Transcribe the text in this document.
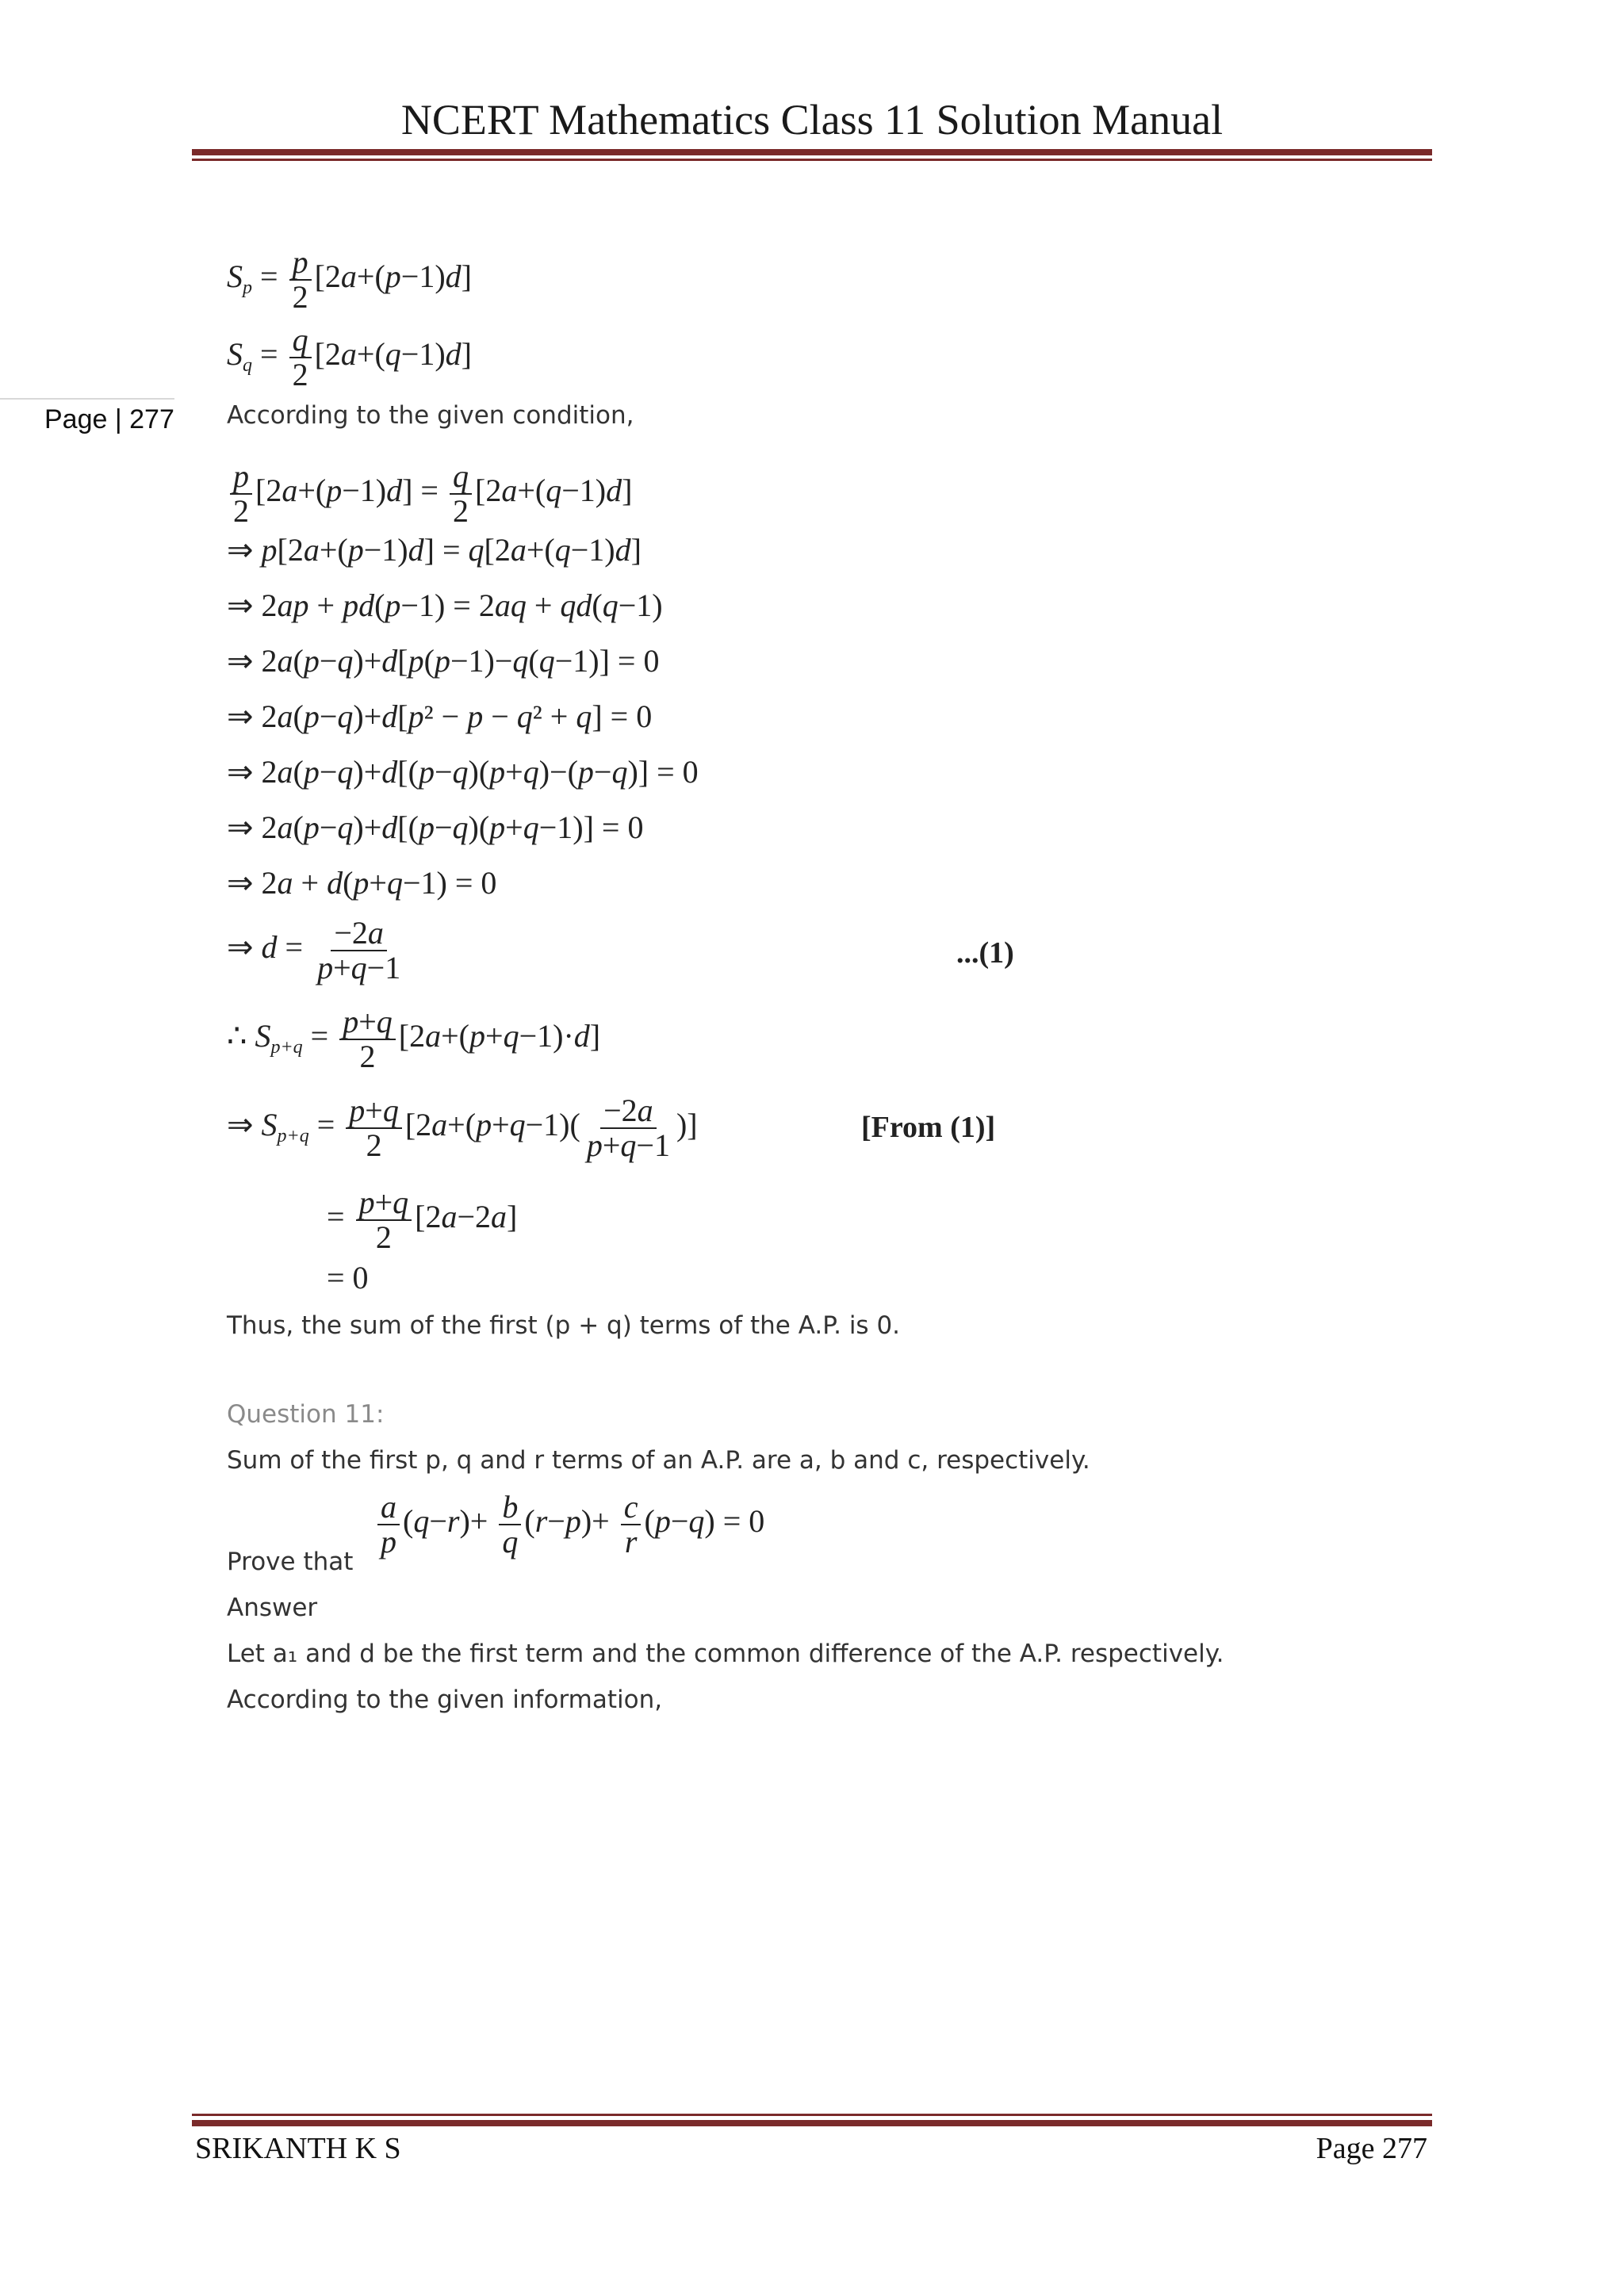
NCERT Mathematics Class 11 Solution Manual
Page | 277
$S_p = \frac{p}{2} [2a+(p-1)d]$
$S_q = \frac{q}{2} [2a+(q-1)d]$
According to the given condition,
$\frac{p}{2} [2a+(p-1)d] = \frac{q}{2} [2a+(q-1)d]$
⇒ p[2a+(p−1)d] = q[2a+(q−1)d]
⇒ 2ap + pd(p−1) = 2aq + qd(q−1)
⇒ 2a(p−q)+d[p(p−1)−q(q−1)] = 0
⇒ 2a(p−q)+d[p² − p − q² + q] = 0
⇒ 2a(p−q)+d[(p−q)(p+q)−(p−q)] = 0
⇒ 2a(p−q)+d[(p−q)(p+q−1)] = 0
⇒ 2a + d(p+q−1) = 0
⇒ $d = \frac{-2a}{p+q-1}$	...(1)
∴ $S_{p+q} = \frac{p+q}{2} [2a+(p+q-1)\cdot d]$
⇒ $S_{p+q} = \frac{p+q}{2} [2a+(p+q-1)( \frac{-2a}{p+q-1}$ )]	[From (1)]
= $\frac{p+q}{2} [2a-2a]$
= 0
Thus, the sum of the first (p + q) terms of the A.P. is 0.
Question 11:
Sum of the first p, q and r terms of an A.P. are a, b and c, respectively.
Prove that
$\frac{a}{p} (q-r)+ \frac{b}{q} (r-p)+ \frac{c}{r} (p-q) = 0$
Answer
Let a₁ and d be the first term and the common difference of the A.P. respectively.
According to the given information,
SRIKANTH K S	Page 277
